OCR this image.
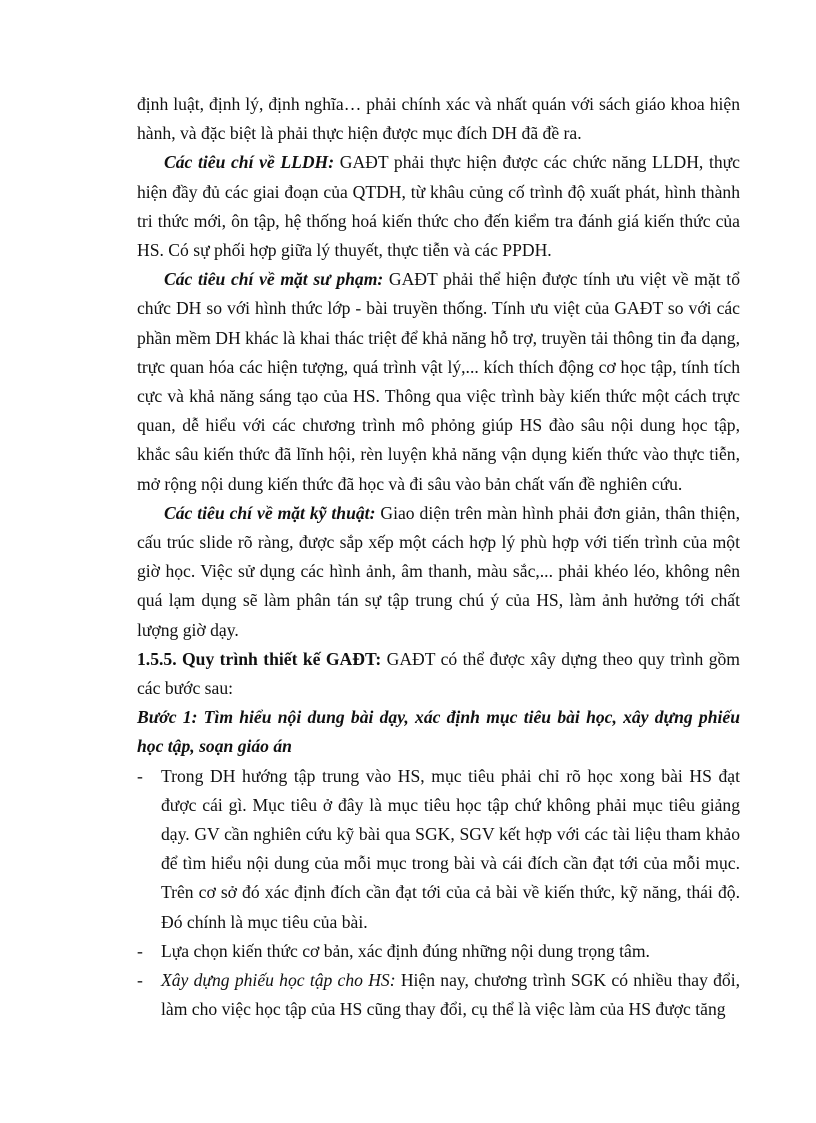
định luật, định lý, định nghĩa… phải chính xác và nhất quán với sách giáo khoa hiện hành, và đặc biệt là phải thực hiện được mục đích DH đã đề ra.

Các tiêu chí về LLDH: GAĐT phải thực hiện được các chức năng LLDH, thực hiện đầy đủ các giai đoạn của QTDH, từ khâu củng cố trình độ xuất phát, hình thành tri thức mới, ôn tập, hệ thống hoá kiến thức cho đến kiểm tra đánh giá kiến thức của HS. Có sự phối hợp giữa lý thuyết, thực tiễn và các PPDH.

Các tiêu chí về mặt sư phạm: GAĐT phải thể hiện được tính ưu việt về mặt tổ chức DH so với hình thức lớp - bài truyền thống. Tính ưu việt của GAĐT so với các phần mềm DH khác là khai thác triệt để khả năng hỗ trợ, truyền tải thông tin đa dạng, trực quan hóa các hiện tượng, quá trình vật lý,... kích thích động cơ học tập, tính tích cực và khả năng sáng tạo của HS. Thông qua việc trình bày kiến thức một cách trực quan, dễ hiểu với các chương trình mô phỏng giúp HS đào sâu nội dung học tập, khắc sâu kiến thức đã lĩnh hội, rèn luyện khả năng vận dụng kiến thức vào thực tiễn, mở rộng nội dung kiến thức đã học và đi sâu vào bản chất vấn đề nghiên cứu.

Các tiêu chí về mặt kỹ thuật: Giao diện trên màn hình phải đơn giản, thân thiện, cấu trúc slide rõ ràng, được sắp xếp một cách hợp lý phù hợp với tiến trình của một giờ học. Việc sử dụng các hình ảnh, âm thanh, màu sắc,... phải khéo léo, không nên quá lạm dụng sẽ làm phân tán sự tập trung chú ý của HS, làm ảnh hưởng tới chất lượng giờ dạy.

1.5.5. Quy trình thiết kế GAĐT: GAĐT có thể được xây dựng theo quy trình gồm các bước sau:

Bước 1: Tìm hiểu nội dung bài dạy, xác định mục tiêu bài học, xây dựng phiếu học tập, soạn giáo án

- Trong DH hướng tập trung vào HS, mục tiêu phải chỉ rõ học xong bài HS đạt được cái gì. Mục tiêu ở đây là mục tiêu học tập chứ không phải mục tiêu giảng dạy. GV cần nghiên cứu kỹ bài qua SGK, SGV kết hợp với các tài liệu tham khảo để tìm hiểu nội dung của mỗi mục trong bài và cái đích cần đạt tới của mỗi mục. Trên cơ sở đó xác định đích cần đạt tới của cả bài về kiến thức, kỹ năng, thái độ. Đó chính là mục tiêu của bài.
- Lựa chọn kiến thức cơ bản, xác định đúng những nội dung trọng tâm.
- Xây dựng phiếu học tập cho HS: Hiện nay, chương trình SGK có nhiều thay đổi, làm cho việc học tập của HS cũng thay đổi, cụ thể là việc làm của HS được tăng
